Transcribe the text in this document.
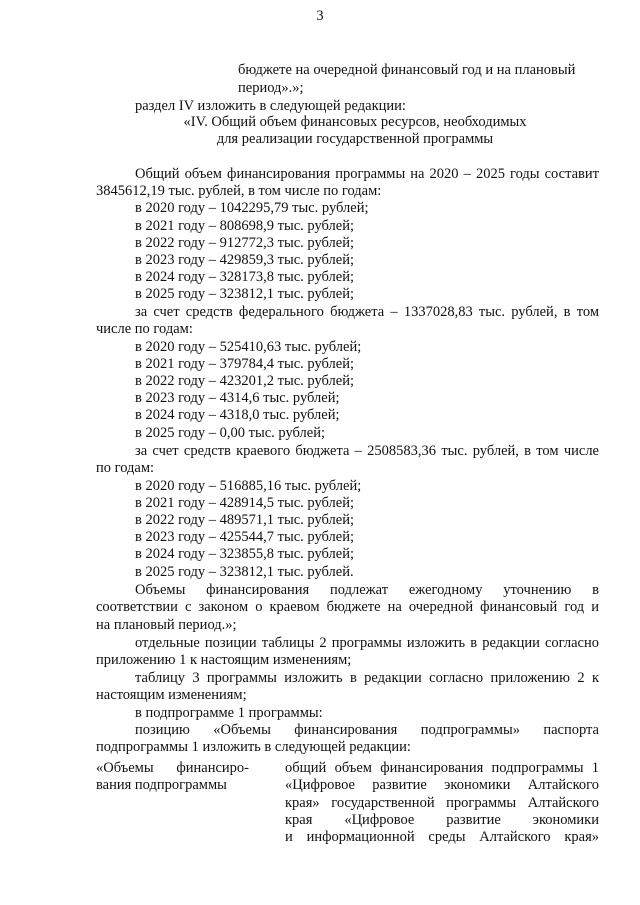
3
бюджете на очередной финансовый год и на плановый
период».»;
раздел IV изложить в следующей редакции:
«IV. Общий объем финансовых ресурсов, необходимых
для реализации государственной программы
Общий объем финансирования программы на 2020 – 2025 годы составит
3845612,19 тыс. рублей, в том числе по годам:
в 2020 году – 1042295,79 тыс. рублей;
в 2021 году – 808698,9 тыс. рублей;
в 2022 году – 912772,3 тыс. рублей;
в 2023 году – 429859,3 тыс. рублей;
в 2024 году – 328173,8 тыс. рублей;
в 2025 году – 323812,1 тыс. рублей;
за счет средств федерального бюджета – 1337028,83 тыс. рублей, в том
числе по годам:
в 2020 году – 525410,63 тыс. рублей;
в 2021 году – 379784,4 тыс. рублей;
в 2022 году – 423201,2 тыс. рублей;
в 2023 году – 4314,6 тыс. рублей;
в 2024 году – 4318,0 тыс. рублей;
в 2025 году – 0,00 тыс. рублей;
за счет средств краевого бюджета – 2508583,36 тыс. рублей, в том числе
по годам:
в 2020 году – 516885,16 тыс. рублей;
в 2021 году – 428914,5 тыс. рублей;
в 2022 году – 489571,1 тыс. рублей;
в 2023 году – 425544,7 тыс. рублей;
в 2024 году – 323855,8 тыс. рублей;
в 2025 году – 323812,1 тыс. рублей.
Объемы финансирования подлежат ежегодному уточнению в
соответствии с законом о краевом бюджете на очередной финансовый год и
на плановый период.»;
отдельные позиции таблицы 2 программы изложить в редакции согласно
приложению 1 к настоящим изменениям;
таблицу 3 программы изложить в редакции согласно приложению 2 к
настоящим изменениям;
в подпрограмме 1 программы:
позицию «Объемы финансирования подпрограммы» паспорта
подпрограммы 1 изложить в следующей редакции:
«Объемы финансиро-
вания подпрограммы
общий объем финансирования подпрограммы 1
«Цифровое развитие экономики Алтайского
края» государственной программы Алтайского
края «Цифровое развитие экономики
и информационной среды Алтайского края»
